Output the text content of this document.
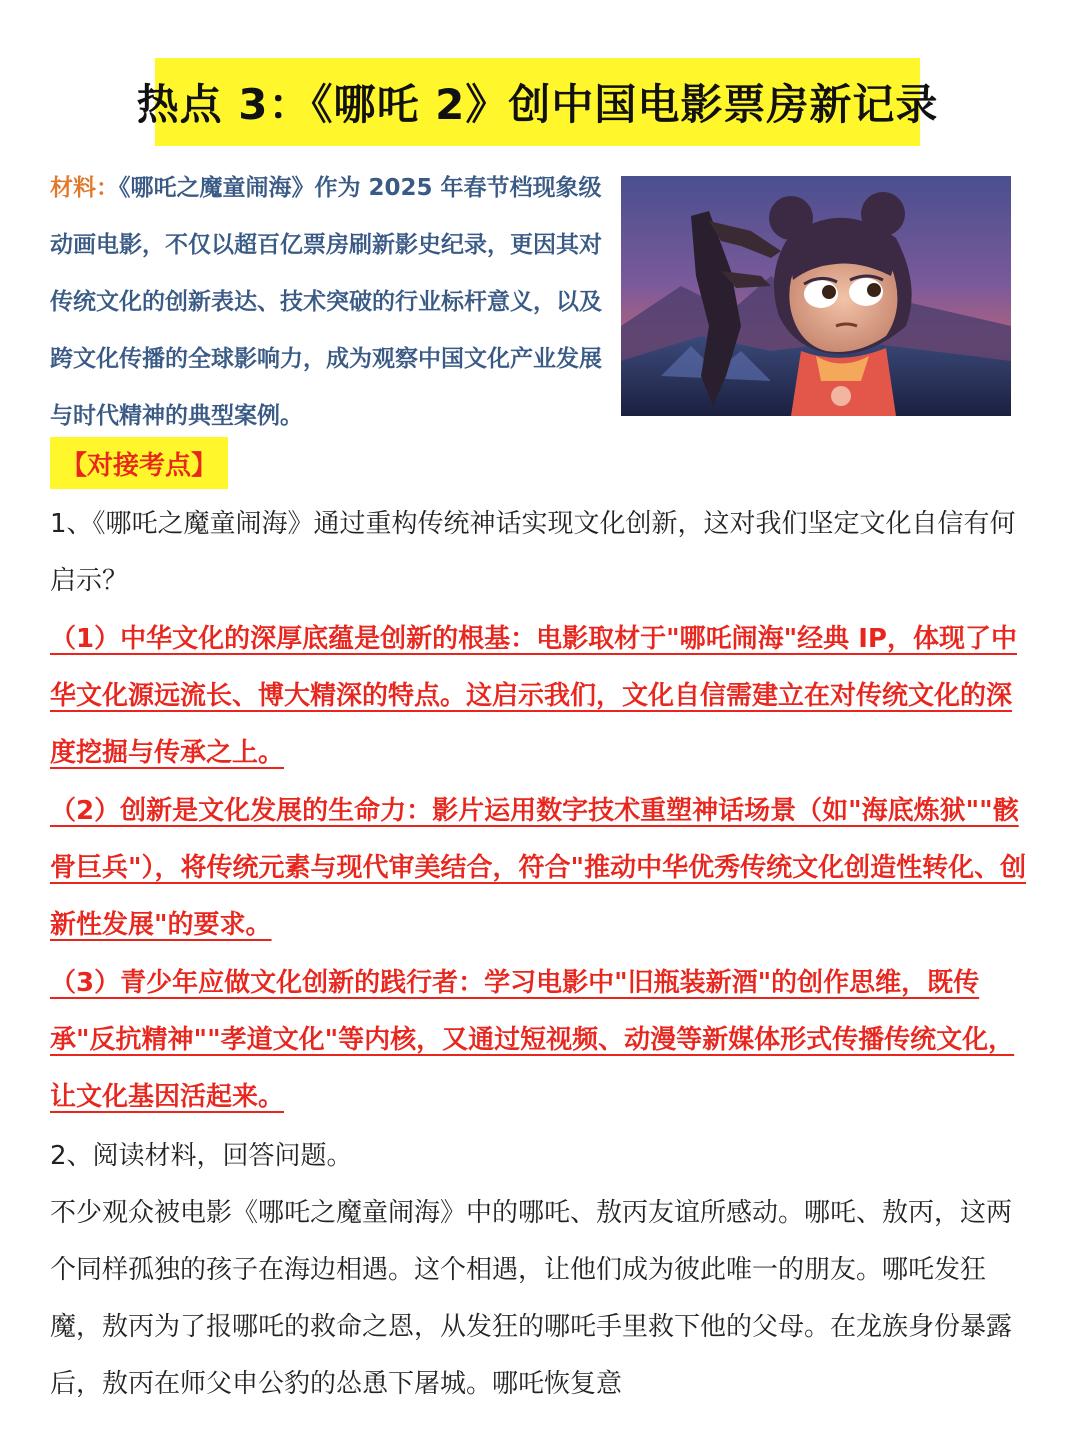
热点 3：《哪吒 2》创中国电影票房新记录
材料：《哪吒之魔童闹海》作为 2025 年春节档现象级动画电影，不仅以超百亿票房刷新影史纪录，更因其对传统文化的创新表达、技术突破的行业标杆意义，以及跨文化传播的全球影响力，成为观察中国文化产业发展与时代精神的典型案例。
【对接考点】
1、《哪吒之魔童闹海》通过重构传统神话实现文化创新，这对我们坚定文化自信有何启示？
（1）中华文化的深厚底蕴是创新的根基：电影取材于"哪吒闹海"经典 IP，体现了中华文化源远流长、博大精深的特点。这启示我们，文化自信需建立在对传统文化的深度挖掘与传承之上。
（2）创新是文化发展的生命力：影片运用数字技术重塑神话场景（如"海底炼狱""骸骨巨兵"），将传统元素与现代审美结合，符合"推动中华优秀传统文化创造性转化、创新性发展"的要求。
（3）青少年应做文化创新的践行者：学习电影中"旧瓶装新酒"的创作思维，既传承"反抗精神""孝道文化"等内核，又通过短视频、动漫等新媒体形式传播传统文化，让文化基因活起来。
2、阅读材料，回答问题。
不少观众被电影《哪吒之魔童闹海》中的哪吒、敖丙友谊所感动。哪吒、敖丙，这两个同样孤独的孩子在海边相遇。这个相遇，让他们成为彼此唯一的朋友。哪吒发狂魔，敖丙为了报哪吒的救命之恩，从发狂的哪吒手里救下他的父母。在龙族身份暴露后，敖丙在师父申公豹的怂恿下屠城。哪吒恢复意
